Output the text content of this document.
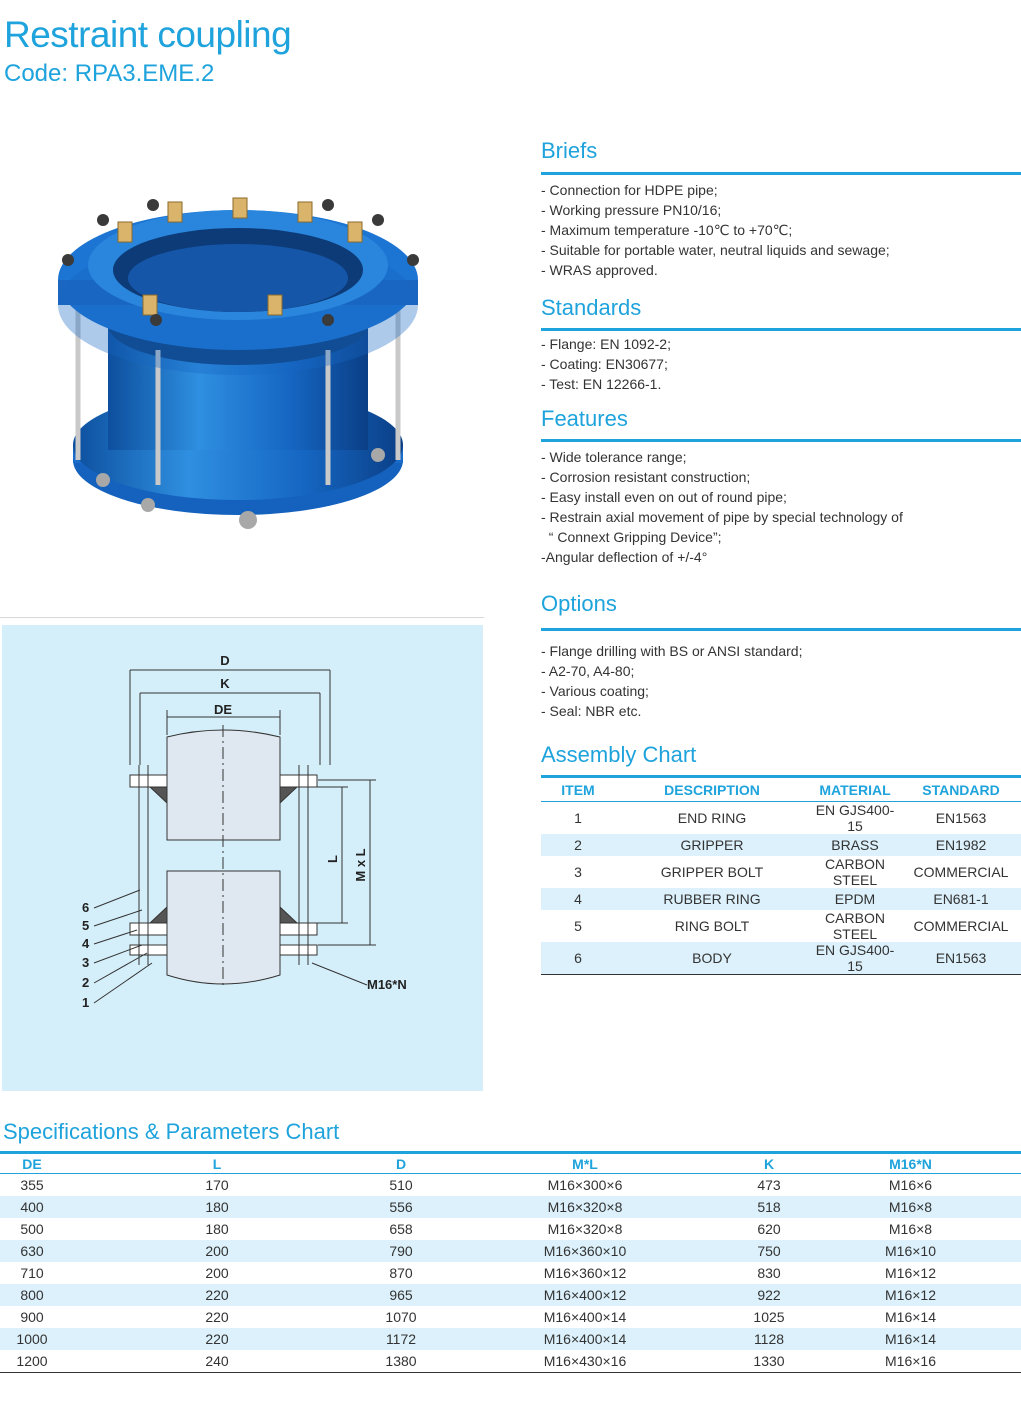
Restraint coupling
Code: RPA3.EME.2
D
K
DE
L M x L
M16*N
6
5
4
3
2
1
Briefs
- Connection for HDPE pipe;
- Working pressure PN10/16;
- Maximum temperature -10℃ to +70℃;
- Suitable for portable water, neutral liquids and sewage;
- WRAS approved.
Standards
- Flange: EN 1092-2;
- Coating: EN30677;
- Test: EN 12266-1.
Features
- Wide tolerance range;
- Corrosion resistant construction;
- Easy install even on out of round pipe;
- Restrain axial movement of pipe by special technology of
“ Connext Gripping Device”;
-Angular deflection of +/-4°
Options
- Flange drilling with BS or ANSI standard;
- A2-70, A4-80;
- Various coating;
- Seal: NBR etc.
Assembly Chart
ITEM	DESCRIPTION	MATERIAL	STANDARD
1	END RING	EN GJS400-15	EN1563
2	GRIPPER	BRASS	EN1982
3	GRIPPER BOLT	CARBON STEEL	COMMERCIAL
4	RUBBER RING	EPDM	EN681-1
5	RING BOLT	CARBON STEEL	COMMERCIAL
6	BODY	EN GJS400-15	EN1563
Specifications & Parameters Chart
DE	L	D	M*L	K	M16*N
355	170	510	M16×300×6	473	M16×6
400	180	556	M16×320×8	518	M16×8
500	180	658	M16×320×8	620	M16×8
630	200	790	M16×360×10	750	M16×10
710	200	870	M16×360×12	830	M16×12
800	220	965	M16×400×12	922	M16×12
900	220	1070	M16×400×14	1025	M16×14
1000	220	1172	M16×400×14	1128	M16×14
1200	240	1380	M16×430×16	1330	M16×16
